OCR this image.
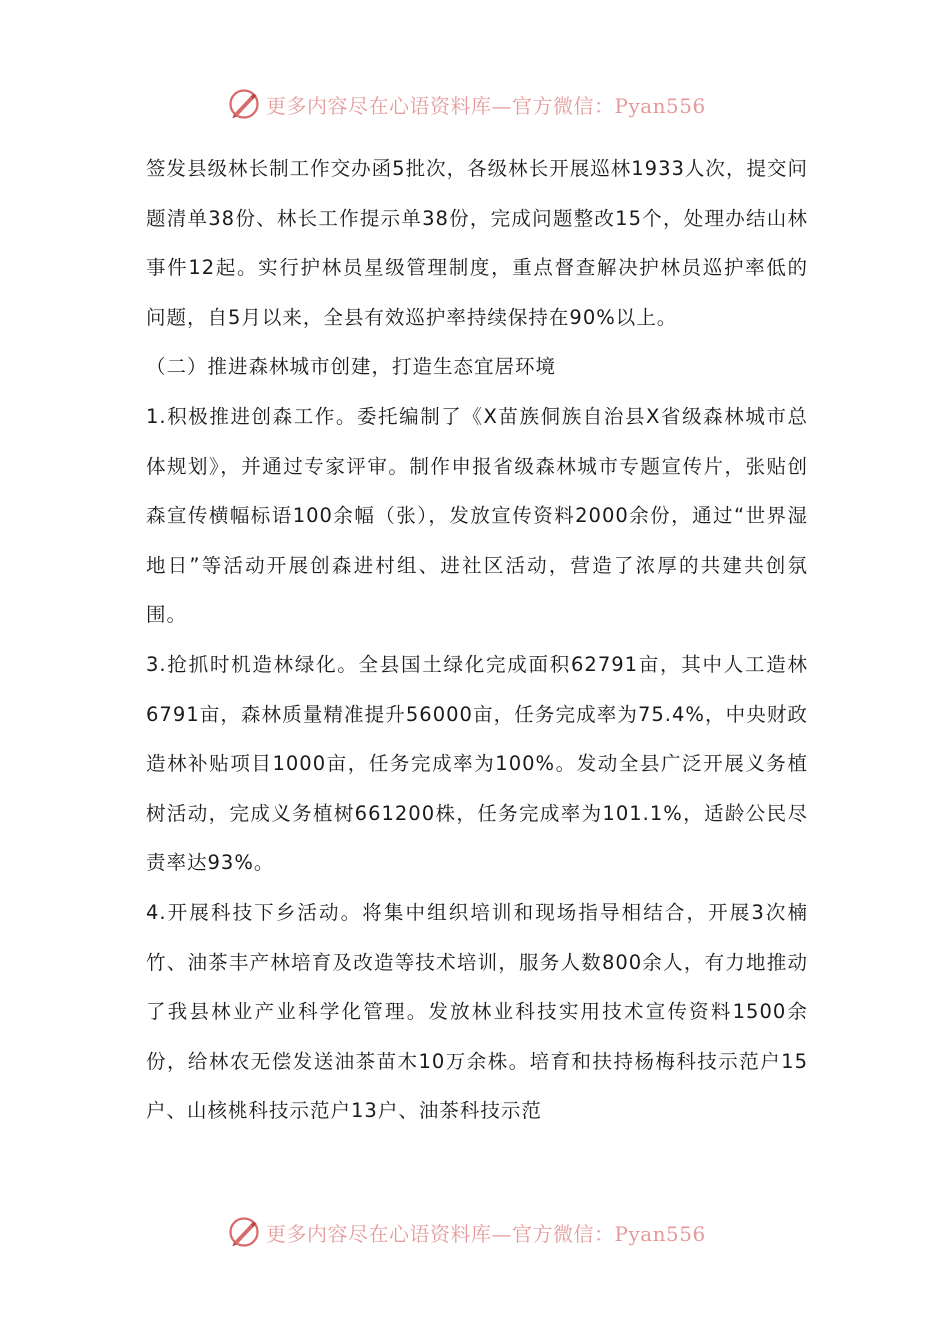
更多内容尽在心语资料库—官方微信：Pyan556

签发县级林长制工作交办函5批次，各级林长开展巡林1933人次，提交问题清单38份、林长工作提示单38份，完成问题整改15个，处理办结山林事件12起。实行护林员星级管理制度，重点督查解决护林员巡护率低的问题，自5月以来，全县有效巡护率持续保持在90%以上。

（二）推进森林城市创建，打造生态宜居环境

1.积极推进创森工作。委托编制了《X苗族侗族自治县X省级森林城市总体规划》，并通过专家评审。制作申报省级森林城市专题宣传片，张贴创森宣传横幅标语100余幅（张），发放宣传资料2000余份，通过“世界湿地日”等活动开展创森进村组、进社区活动，营造了浓厚的共建共创氛围。

3.抢抓时机造林绿化。全县国土绿化完成面积62791亩，其中人工造林6791亩，森林质量精准提升56000亩，任务完成率为75.4%，中央财政造林补贴项目1000亩，任务完成率为100%。发动全县广泛开展义务植树活动，完成义务植树661200株，任务完成率为101.1%，适龄公民尽责率达93%。

4.开展科技下乡活动。将集中组织培训和现场指导相结合，开展3次楠竹、油茶丰产林培育及改造等技术培训，服务人数800余人，有力地推动了我县林业产业科学化管理。发放林业科技实用技术宣传资料1500余份，给林农无偿发送油茶苗木10万余株。培育和扶持杨梅科技示范户15户、山核桃科技示范户13户、油茶科技示范

更多内容尽在心语资料库—官方微信：Pyan556
